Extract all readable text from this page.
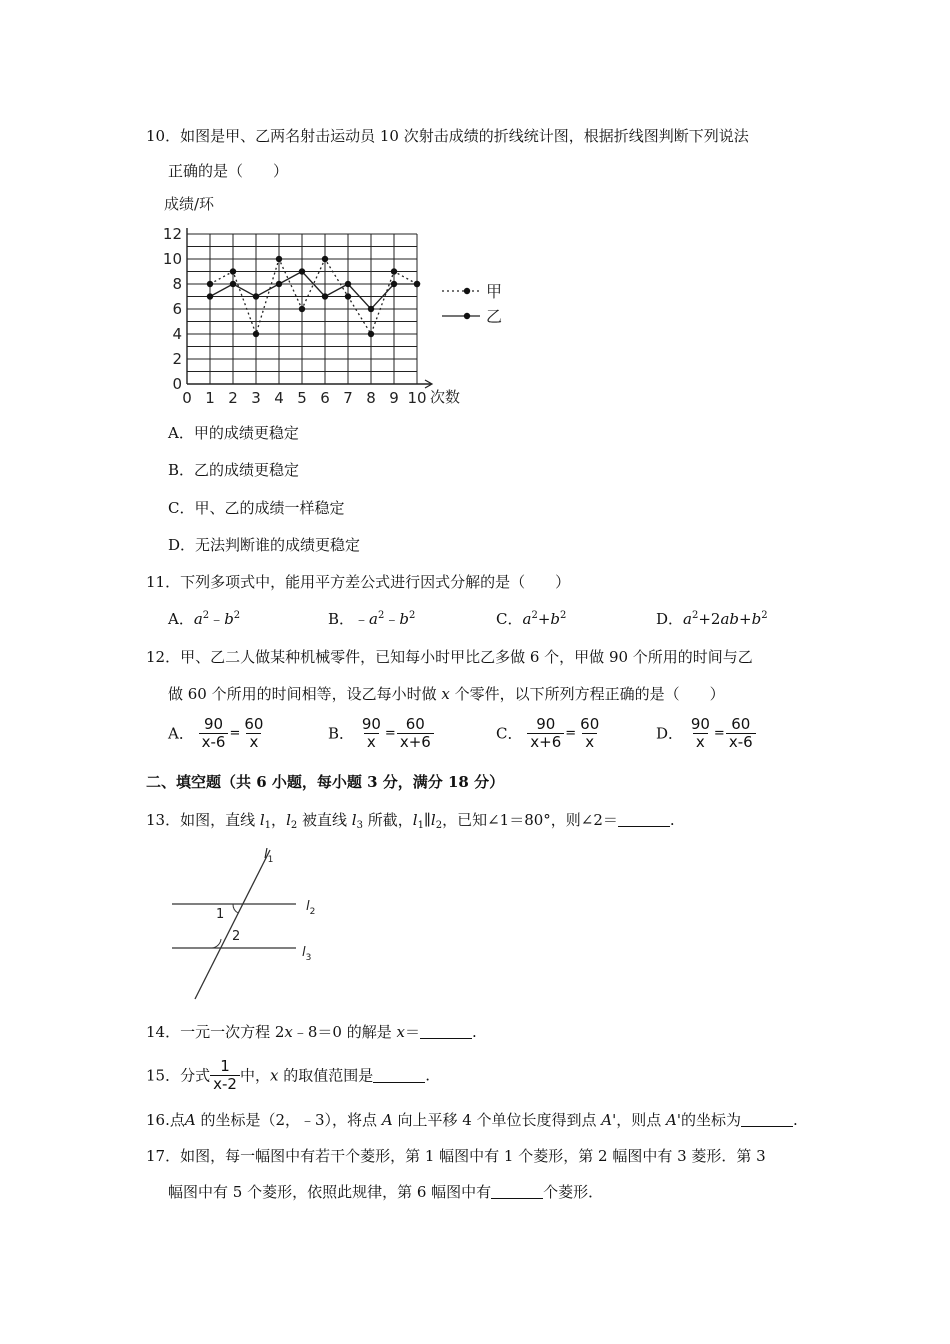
10．如图是甲、乙两名射击运动员 10 次射击成绩的折线统计图，根据折线图判断下列说法
正确的是（　　）
0 1 2 3 4 5 6 7 8 9 10
0
2
4
6
8
10
12
成绩/环
次数
甲
乙
A．甲的成绩更稳定
B．乙的成绩更稳定
C．甲、乙的成绩一样稳定
D．无法判断谁的成绩更稳定
11．下列多项式中，能用平方差公式进行因式分解的是（　　）
A．$a^2﹣b^2$	B．$﹣a^2﹣b^2$	C．$a^2+b^2$	D．$a^2+2ab+b^2$
12．甲、乙二人做某种机械零件，已知每小时甲比乙多做 6 个，甲做 90 个所用的时间与乙
做 60 个所用的时间相等，设乙每小时做 x 个零件，以下所列方程正确的是（　　）
A． $\frac{90}{x-6} = \frac{60}{x}$	B． $\frac{90}{x} = \frac{60}{x+6}$	C． $\frac{90}{x+6} = \frac{60}{x}$	D． $\frac{90}{x} = \frac{60}{x-6}$
二、填空题（共 6 小题，每小题 3 分，满分 18 分）
13．如图，直线 $l_1$，$l_2$ 被直线 $l_3$ 所截，$l_1\parallel l_2$，已知∠1＝80°，则∠2＝	.
1
2
$l_1$
$l_2$
$l_3$
14．一元一次方程 2x﹣8＝0 的解是 x＝	.
15．分式 $\frac{1}{x-2}$ 中，x 的取值范围是	.
16.点A 的坐标是（2，﹣3），将点 A 向上平移 4 个单位长度得到点 A'，则点 A'的坐标为	.
17．如图，每一幅图中有若干个菱形，第 1 幅图中有 1 个菱形，第 2 幅图中有 3 菱形．第 3
幅图中有 5 个菱形，依照此规律，第 6 幅图中有	个菱形．
